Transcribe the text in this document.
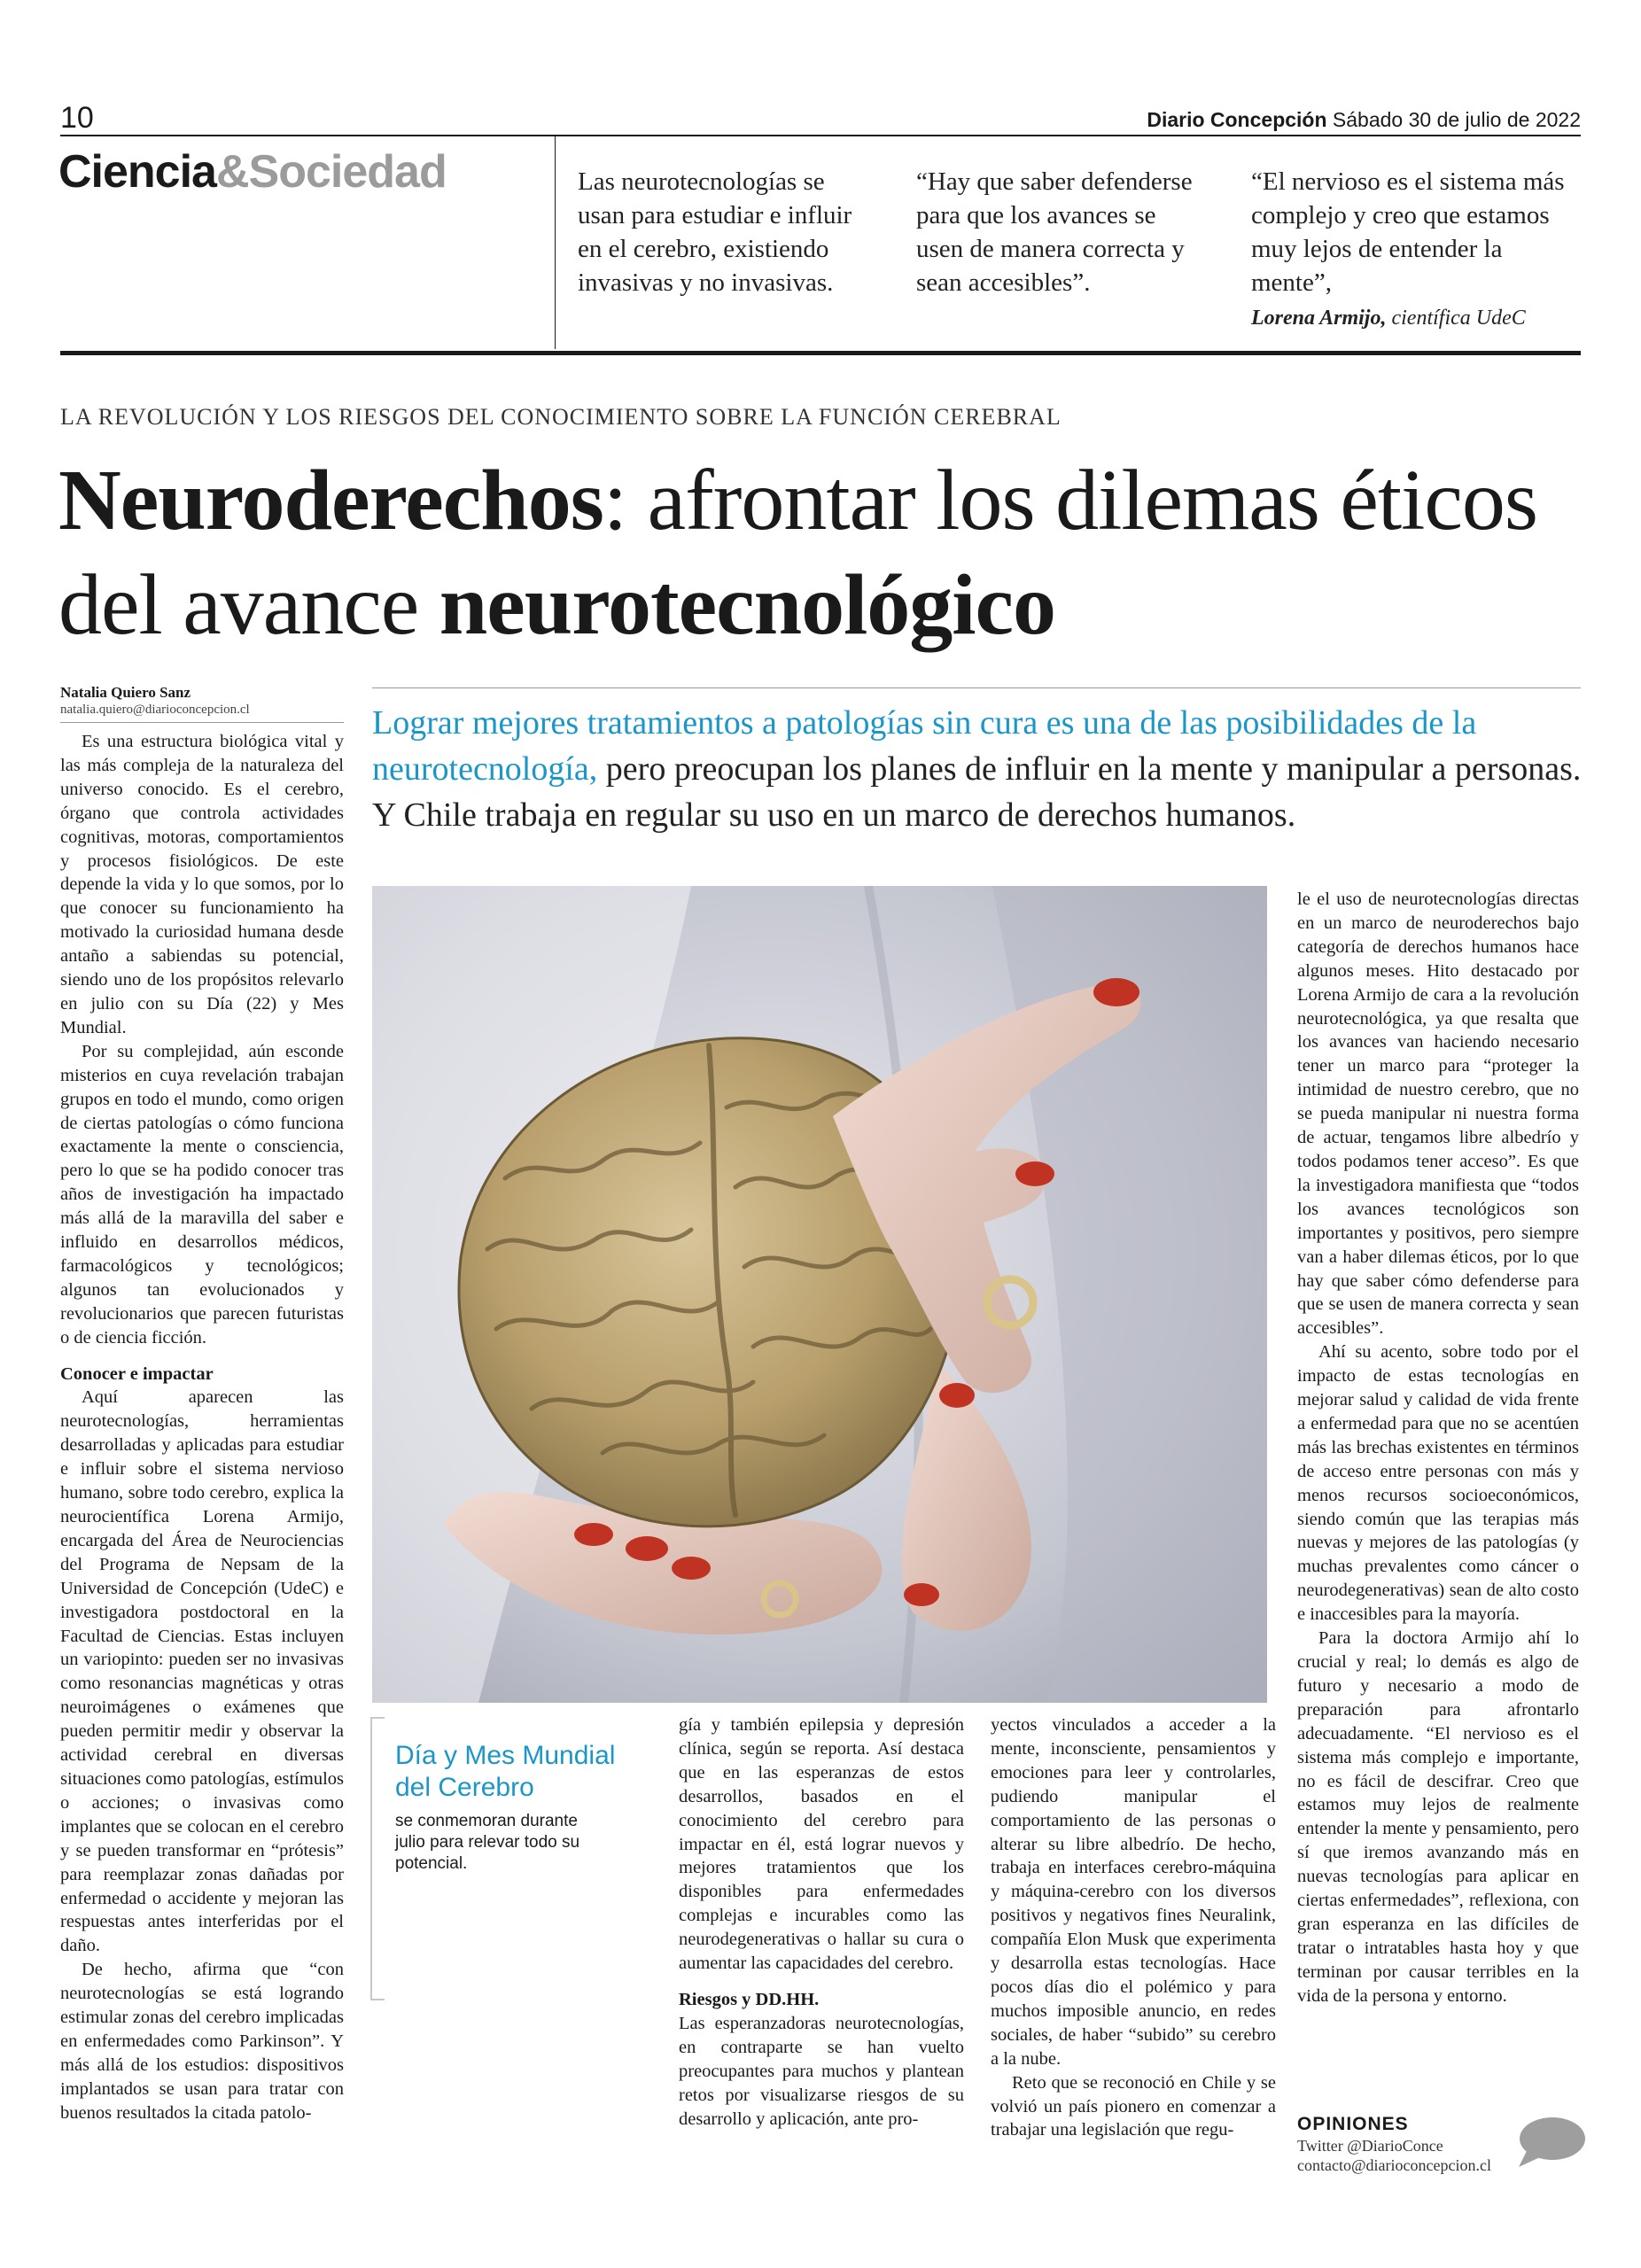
10	Diario Concepción Sábado 30 de julio de 2022
Ciencia&Sociedad	Las neurotecnologías se usan para estudiar e influir en el cerebro, existiendo invasivas y no invasivas.
“Hay que saber defenderse para que los avances se usen de manera correcta y sean accesibles”.
“El nervioso es el sistema más complejo y creo que estamos muy lejos de entender la mente”,
Lorena Armijo, científica UdeC
LA REVOLUCIÓN Y LOS RIESGOS DEL CONOCIMIENTO SOBRE LA FUNCIÓN CEREBRAL
Neuroderechos: afrontar los dilemas éticos del avance neurotecnológico
Natalia Quiero Sanz
natalia.quiero@diarioconcepcion.cl	Lograr mejores tratamientos a patologías sin cura es una de las posibilidades de la neurotecnología, pero preocupan los planes de influir en la mente y manipular a personas. Y Chile trabaja en regular su uso en un marco de derechos humanos.

Es una estructura biológica vital y las más compleja de la naturaleza del universo conocido. Es el cerebro, órgano que controla actividades cognitivas, motoras, comportamientos y procesos fisiológicos. De este depende la vida y lo que somos, por lo que conocer su funcionamiento ha motivado la curiosidad humana desde antaño a sabiendas su potencial, siendo uno de los propósitos relevarlo en julio con su Día (22) y Mes Mundial.

Por su complejidad, aún esconde misterios en cuya revelación trabajan grupos en todo el mundo, como origen de ciertas patologías o cómo funciona exactamente la mente o consciencia, pero lo que se ha podido conocer tras años de investigación ha impactado más allá de la maravilla del saber e influido en desarrollos médicos, farmacológicos y tecnológicos; algunos tan evolucionados y revolucionarios que parecen futuristas o de ciencia ficción.

Conocer e impactar

Aquí aparecen las neurotecnologías, herramientas desarrolladas y aplicadas para estudiar e influir sobre el sistema nervioso humano, sobre todo cerebro, explica la neurocientífica Lorena Armijo, encargada del Área de Neurociencias del Programa de Nepsam de la Universidad de Concepción (UdeC) e investigadora postdoctoral en la Facultad de Ciencias. Estas incluyen un variopinto: pueden ser no invasivas como resonancias magnéticas y otras neuroimágenes o exámenes que pueden permitir medir y observar la actividad cerebral en diversas situaciones como patologías, estímulos o acciones; o invasivas como implantes que se colocan en el cerebro y se pueden transformar en “prótesis” para reemplazar zonas dañadas por enfermedad o accidente y mejoran las respuestas antes interferidas por el daño.

De hecho, afirma que “con neurotecnologías se está logrando estimular zonas del cerebro implicadas en enfermedades como Parkinson”. Y más allá de los estudios: dispositivos implantados se usan para tratar con buenos resultados la citada patolo-

Día y Mes Mundial del Cerebro
se conmemoran durante julio para relevar todo su potencial.

gía y también epilepsia y depresión clínica, según se reporta. Así destaca que en las esperanzas de estos desarrollos, basados en el conocimiento del cerebro para impactar en él, está lograr nuevos y mejores tratamientos que los disponibles para enfermedades complejas e incurables como las neurodegenerativas o hallar su cura o aumentar las capacidades del cerebro.

Riesgos y DD.HH.

Las esperanzadoras neurotecnologías, en contraparte se han vuelto preocupantes para muchos y plantean retos por visualizarse riesgos de su desarrollo y aplicación, ante pro-

yectos vinculados a acceder a la mente, inconsciente, pensamientos y emociones para leer y controlarles, pudiendo manipular el comportamiento de las personas o alterar su libre albedrío. De hecho, trabaja en interfaces cerebro-máquina y máquina-cerebro con los diversos positivos y negativos fines Neuralink, compañía Elon Musk que experimenta y desarrolla estas tecnologías. Hace pocos días dio el polémico y para muchos imposible anuncio, en redes sociales, de haber “subido” su cerebro a la nube.

Reto que se reconoció en Chile y se volvió un país pionero en comenzar a trabajar una legislación que regu-

le el uso de neurotecnologías directas en un marco de neuroderechos bajo categoría de derechos humanos hace algunos meses. Hito destacado por Lorena Armijo de cara a la revolución neurotecnológica, ya que resalta que los avances van haciendo necesario tener un marco para “proteger la intimidad de nuestro cerebro, que no se pueda manipular ni nuestra forma de actuar, tengamos libre albedrío y todos podamos tener acceso”. Es que la investigadora manifiesta que “todos los avances tecnológicos son importantes y positivos, pero siempre van a haber dilemas éticos, por lo que hay que saber cómo defenderse para que se usen de manera correcta y sean accesibles”.

Ahí su acento, sobre todo por el impacto de estas tecnologías en mejorar salud y calidad de vida frente a enfermedad para que no se acentúen más las brechas existentes en términos de acceso entre personas con más y menos recursos socioeconómicos, siendo común que las terapias más nuevas y mejores de las patologías (y muchas prevalentes como cáncer o neurodegenerativas) sean de alto costo e inaccesibles para la mayoría.

Para la doctora Armijo ahí lo crucial y real; lo demás es algo de futuro y necesario a modo de preparación para afrontarlo adecuadamente. “El nervioso es el sistema más complejo e importante, no es fácil de descifrar. Creo que estamos muy lejos de realmente entender la mente y pensamiento, pero sí que iremos avanzando más en nuevas tecnologías para aplicar en ciertas enfermedades”, reflexiona, con gran esperanza en las difíciles de tratar o intratables hasta hoy y que terminan por causar terribles en la vida de la persona y entorno.

OPINIONES
Twitter @DiarioConce
contacto@diarioconcepcion.cl
